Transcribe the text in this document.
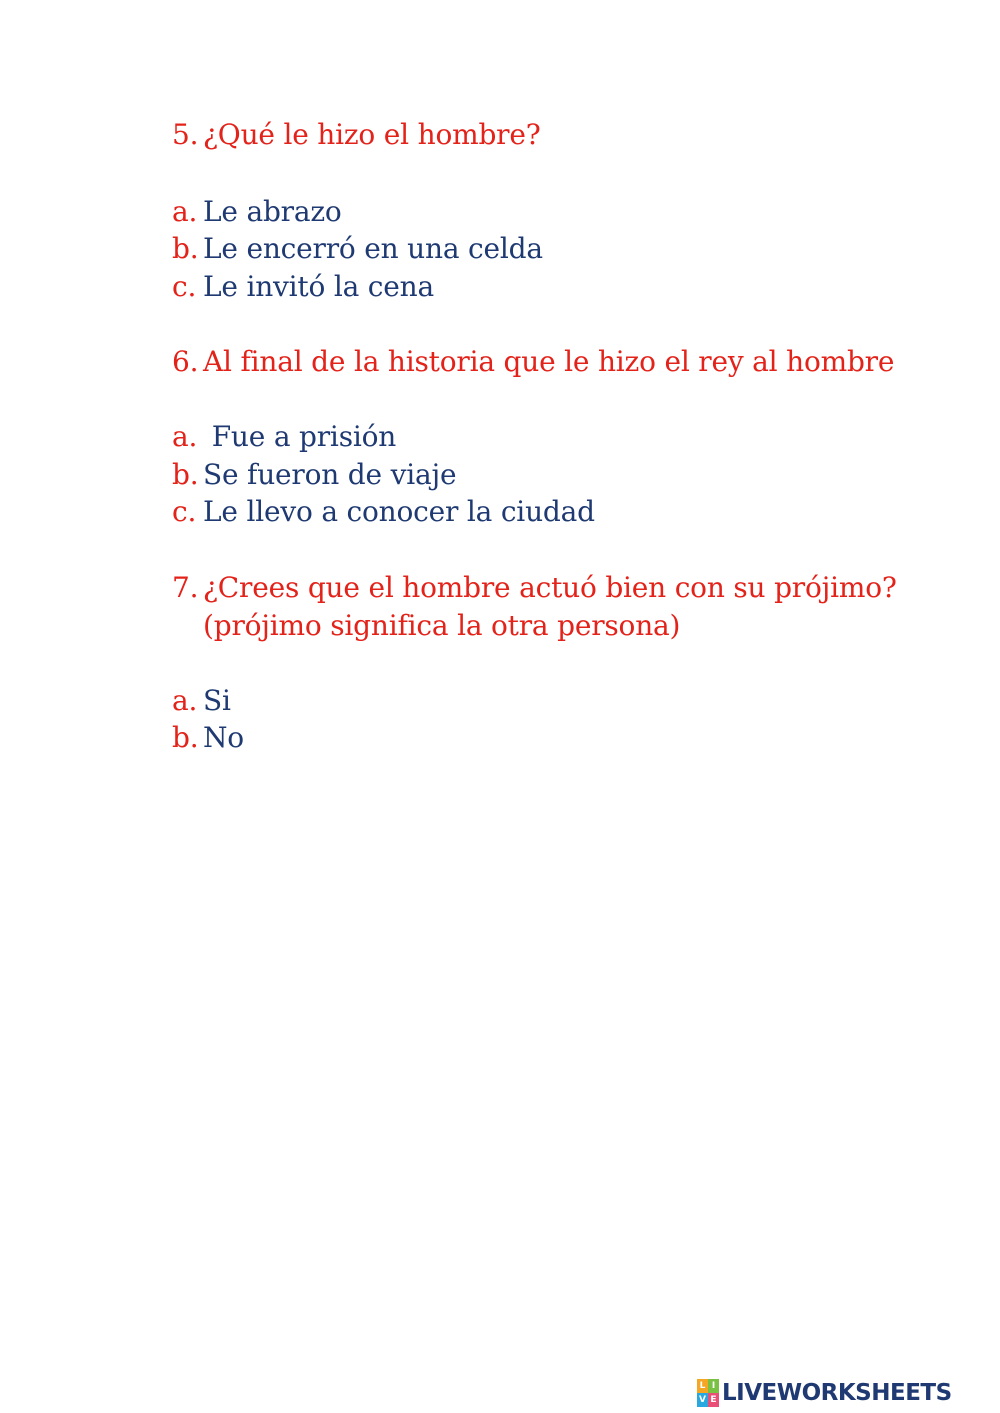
5. ¿Qué le hizo el hombre?
a. Le abrazo
b. Le encerró en una celda
c. Le invitó la cena
6. Al final de la historia que le hizo el rey al hombre
a. Fue a prisión
b. Se fueron de viaje
c. Le llevo a conocer la ciudad
7. ¿Crees que el hombre actuó bien con su prójimo?
(prójimo significa la otra persona)
a. Si
b. No
L I
V E LIVEWORKSHEETS
